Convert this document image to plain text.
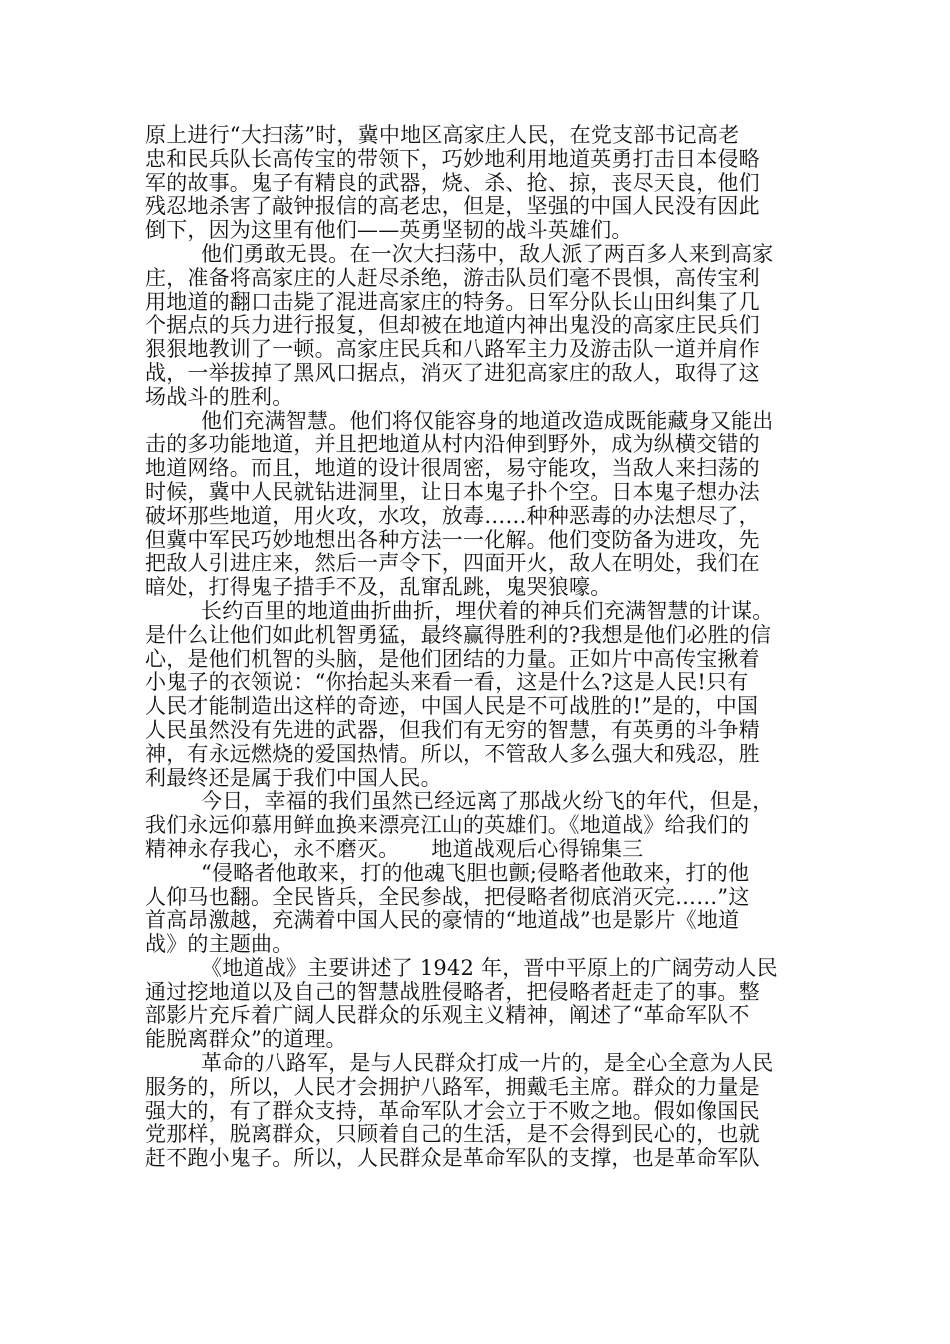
原上进行“大扫荡”时，冀中地区高家庄人民，在党支部书记高老
忠和民兵队长高传宝的带领下，巧妙地利用地道英勇打击日本侵略
军的故事。鬼子有精良的武器，烧、杀、抢、掠，丧尽天良，他们
残忍地杀害了敲钟报信的高老忠，但是，坚强的中国人民没有因此
倒下，因为这里有他们——英勇坚韧的战斗英雄们。
他们勇敢无畏。在一次大扫荡中，敌人派了两百多人来到高家
庄，准备将高家庄的人赶尽杀绝，游击队员们毫不畏惧，高传宝利
用地道的翻口击毙了混进高家庄的特务。日军分队长山田纠集了几
个据点的兵力进行报复，但却被在地道内神出鬼没的高家庄民兵们
狠狠地教训了一顿。高家庄民兵和八路军主力及游击队一道并肩作
战，一举拔掉了黑风口据点，消灭了进犯高家庄的敌人，取得了这
场战斗的胜利。
他们充满智慧。他们将仅能容身的地道改造成既能藏身又能出
击的多功能地道，并且把地道从村内沿伸到野外，成为纵横交错的
地道网络。而且，地道的设计很周密，易守能攻，当敌人来扫荡的
时候，冀中人民就钻进洞里，让日本鬼子扑个空。日本鬼子想办法
破坏那些地道，用火攻，水攻，放毒……种种恶毒的办法想尽了，
但冀中军民巧妙地想出各种方法一一化解。他们变防备为进攻，先
把敌人引进庄来，然后一声令下，四面开火，敌人在明处，我们在
暗处，打得鬼子措手不及，乱窜乱跳，鬼哭狼嚎。
长约百里的地道曲折曲折，埋伏着的神兵们充满智慧的计谋。
是什么让他们如此机智勇猛，最终赢得胜利的?我想是他们必胜的信
心，是他们机智的头脑，是他们团结的力量。正如片中高传宝揪着
小鬼子的衣领说：“你抬起头来看一看，这是什么?这是人民!只有
人民才能制造出这样的奇迹，中国人民是不可战胜的!”是的，中国
人民虽然没有先进的武器，但我们有无穷的智慧，有英勇的斗争精
神，有永远燃烧的爱国热情。所以，不管敌人多么强大和残忍，胜
利最终还是属于我们中国人民。
今日，幸福的我们虽然已经远离了那战火纷飞的年代，但是，
我们永远仰慕用鲜血换来漂亮江山的英雄们。《地道战》给我们的
精神永存我心，永不磨灭。　　地道战观后心得锦集三
“侵略者他敢来，打的他魂飞胆也颤;侵略者他敢来，打的他
人仰马也翻。全民皆兵，全民参战，把侵略者彻底消灭完……”这
首高昂激越，充满着中国人民的豪情的“地道战”也是影片《地道
战》的主题曲。
《地道战》主要讲述了 1942 年，晋中平原上的广阔劳动人民
通过挖地道以及自己的智慧战胜侵略者，把侵略者赶走了的事。整
部影片充斥着广阔人民群众的乐观主义精神，阐述了“革命军队不
能脱离群众”的道理。
革命的八路军，是与人民群众打成一片的，是全心全意为人民
服务的，所以，人民才会拥护八路军，拥戴毛主席。群众的力量是
强大的，有了群众支持，革命军队才会立于不败之地。假如像国民
党那样，脱离群众，只顾着自己的生活，是不会得到民心的，也就
赶不跑小鬼子。所以，人民群众是革命军队的支撑，也是革命军队
